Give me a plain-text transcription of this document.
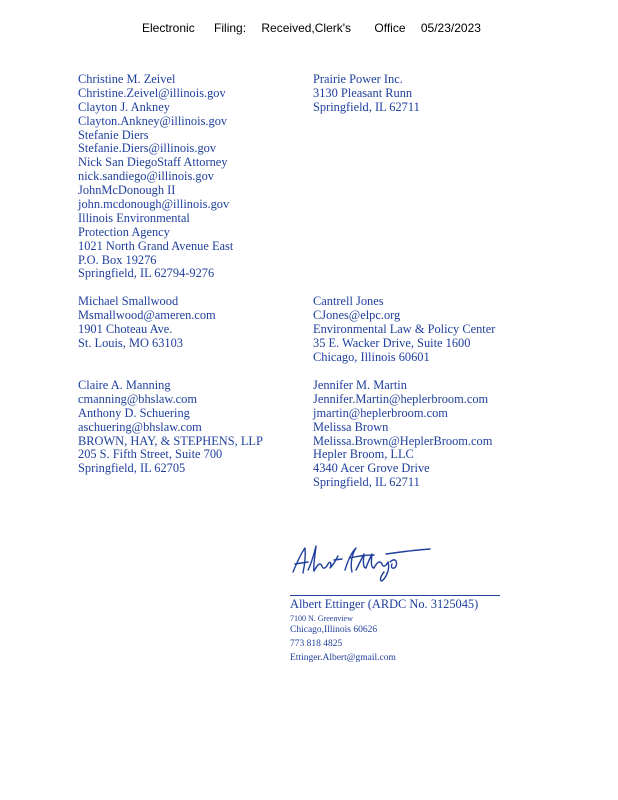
Electronic Filing: Received,Clerk's Office 05/23/2023
Christine M. Zeivel
Christine.Zeivel@illinois.gov
Clayton J. Ankney
Clayton.Ankney@illinois.gov
Stefanie Diers
Stefanie.Diers@illinois.gov
Nick San DiegoStaff Attorney
nick.sandiego@illinois.gov
JohnMcDonough II
john.mcdonough@illinois.gov
Illinois Environmental
Protection Agency
1021 North Grand Avenue East
P.O. Box 19276
Springfield, IL 62794-9276
Michael Smallwood
Msmallwood@ameren.com
1901 Choteau Ave.
St. Louis, MO 63103
Claire A. Manning
cmanning@bhslaw.com
Anthony D. Schuering
aschuering@bhslaw.com
BROWN, HAY, & STEPHENS, LLP
205 S. Fifth Street, Suite 700
Springfield, IL 62705
Prairie Power Inc.
3130 Pleasant Runn
Springfield, IL 62711
Cantrell Jones
CJones@elpc.org
Environmental Law & Policy Center
35 E. Wacker Drive, Suite 1600
Chicago, Illinois 60601
Jennifer M. Martin
Jennifer.Martin@heplerbroom.com
jmartin@heplerbroom.com
Melissa Brown
Melissa.Brown@HeplerBroom.com
Hepler Broom, LLC
4340 Acer Grove Drive
Springfield, IL 62711
Albert Ettinger (ARDC No. 3125045)
7100 N. Greenview
Chicago,Illinois 60626
773 818 4825
Ettinger.Albert@gmail.com
